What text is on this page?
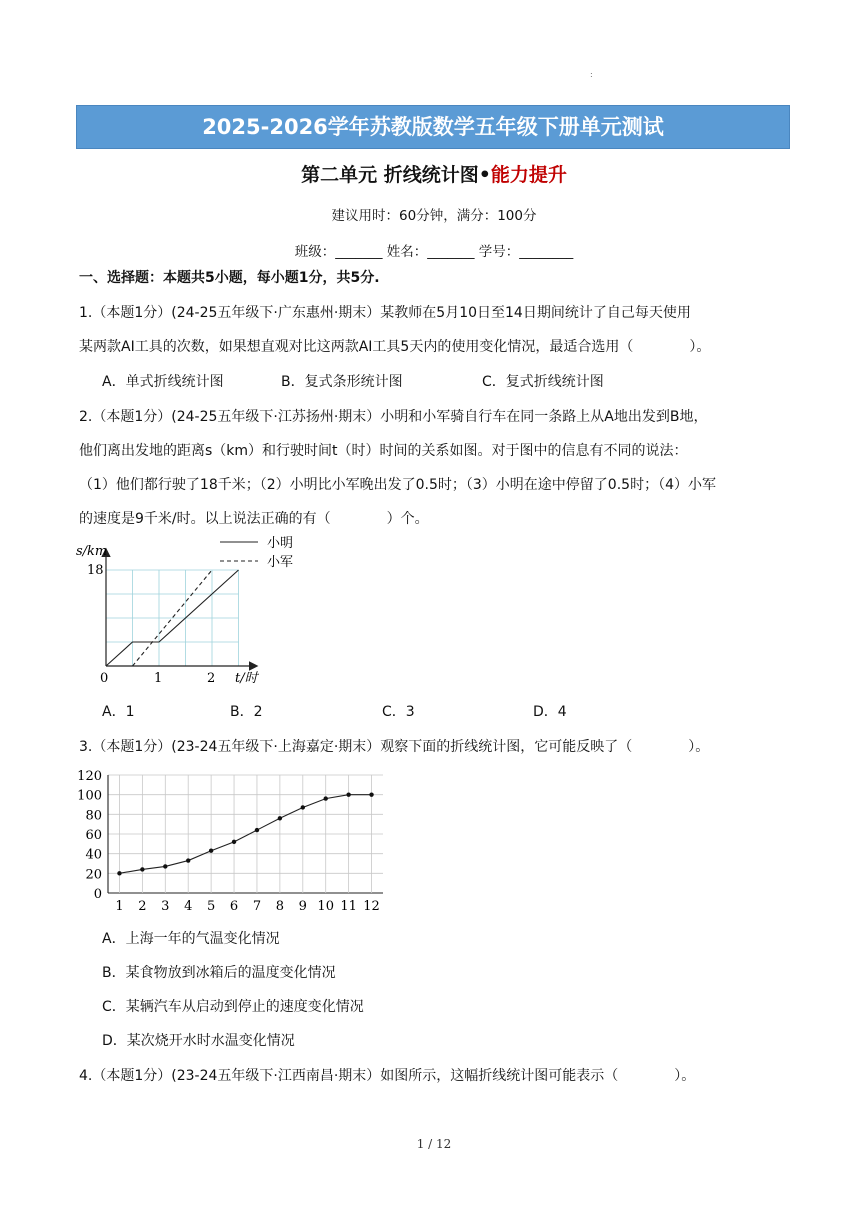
:
2025-2026学年苏教版数学五年级下册单元测试
第二单元 折线统计图•能力提升
建议用时：60分钟，满分：100分
班级：_______ 姓名：_______ 学号：________
一、选择题：本题共5小题，每小题1分，共5分.
1.（本题1分）(24-25五年级下·广东惠州·期末）某教师在5月10日至14日期间统计了自己每天使用
某两款AI工具的次数，如果想直观对比这两款AI工具5天内的使用变化情况，最适合选用（　　　　）。
A．单式折线统计图	B．复式条形统计图	C．复式折线统计图
2.（本题1分）(24-25五年级下·江苏扬州·期末）小明和小军骑自行车在同一条路上从A地出发到B地，
他们离出发地的距离s（km）和行驶时间t（时）时间的关系如图。对于图中的信息有不同的说法：
（1）他们都行驶了18千米；（2）小明比小军晚出发了0.5时；（3）小明在途中停留了0.5时；（4）小军
的速度是9千米/时。以上说法正确的有（　　　　）个。
s/km
t/时
18
0	1	2
小明
小军
A．1	B．2	C．3	D．4
3.（本题1分）(23-24五年级下·上海嘉定·期末）观察下面的折线统计图，它可能反映了（　　　　）。
0
20
40
60
80
100
120
1 2 3 4 5 6 7 8 9 10 11 12
A．上海一年的气温变化情况
B．某食物放到冰箱后的温度变化情况
C．某辆汽车从启动到停止的速度变化情况
D．某次烧开水时水温变化情况
4.（本题1分）(23-24五年级下·江西南昌·期末）如图所示，这幅折线统计图可能表示（　　　　）。
1 / 12
